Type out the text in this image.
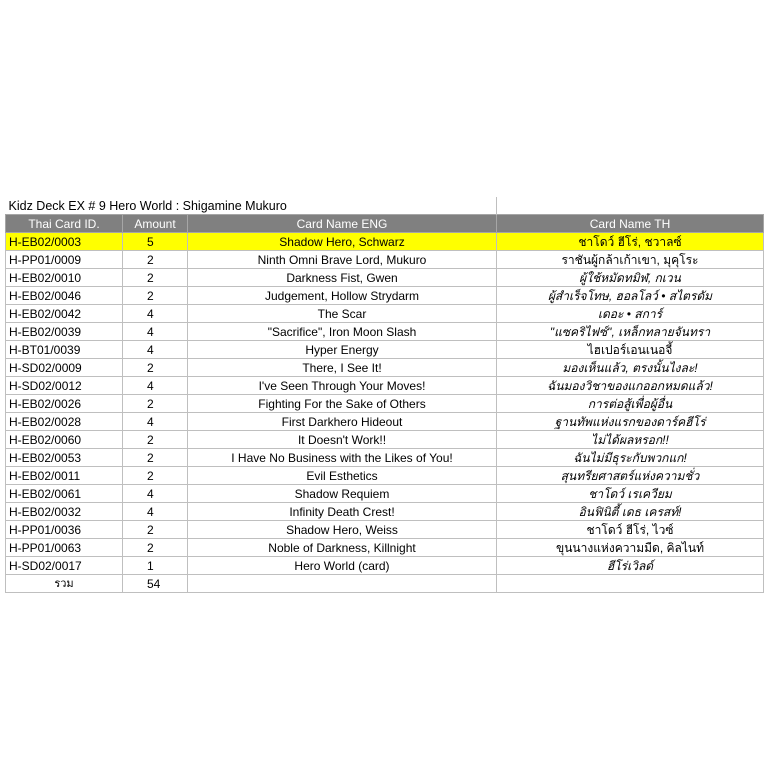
Kidz Deck EX # 9 Hero World : Shigamine Mukuro			
Thai Card ID.	Amount	Card Name ENG	Card Name TH
H-EB02/0003	5	Shadow Hero, Schwarz	ชาโดว์ ฮีโร่, ชวาลซ์
H-PP01/0009	2	Ninth Omni Brave Lord, Mukuro	ราชันผู้กล้าเก้าเขา, มุคุโระ
H-EB02/0010	2	Darkness Fist, Gwen	ผู้ใช้หมัดทมิฬ, กเวน
H-EB02/0046	2	Judgement, Hollow Strydarm	ผู้สำเร็จโทษ, ฮอลโลว์ • สไตรดัม
H-EB02/0042	4	The Scar	เดอะ • สการ์
H-EB02/0039	4	"Sacrifice", Iron Moon Slash	"แซคริไฟซ์", เหล็กทลายจันทรา
H-BT01/0039	4	Hyper Energy	ไฮเปอร์เอนเนอจี้
H-SD02/0009	2	There, I See It!	มองเห็นแล้ว, ตรงนั้นไงละ!
H-SD02/0012	4	I've Seen Through Your Moves!	ฉันมองวิชาของแกออกหมดแล้ว!
H-EB02/0026	2	Fighting For the Sake of Others	การต่อสู้เพื่อผู้อื่น
H-EB02/0028	4	First Darkhero Hideout	ฐานทัพแห่งแรกของดาร์คฮีโร่
H-EB02/0060	2	It Doesn't Work!!	ไม่ได้ผลหรอก!!
H-EB02/0053	2	I Have No Business with the Likes of You!	ฉันไม่มีธุระกับพวกแก!
H-EB02/0011	2	Evil Esthetics	สุนทรียศาสตร์แห่งความชั่ว
H-EB02/0061	4	Shadow Requiem	ชาโดว์ เรเควียม
H-EB02/0032	4	Infinity Death Crest!	อินฟินิตี้ เดธ เครสท์!
H-PP01/0036	2	Shadow Hero, Weiss	ชาโดว์ ฮีโร่, ไวซ์
H-PP01/0063	2	Noble of Darkness, Killnight	ขุนนางแห่งความมืด, คิลไนท์
H-SD02/0017	1	Hero World (card)	ฮีโร่เวิลด์
รวม	54		
